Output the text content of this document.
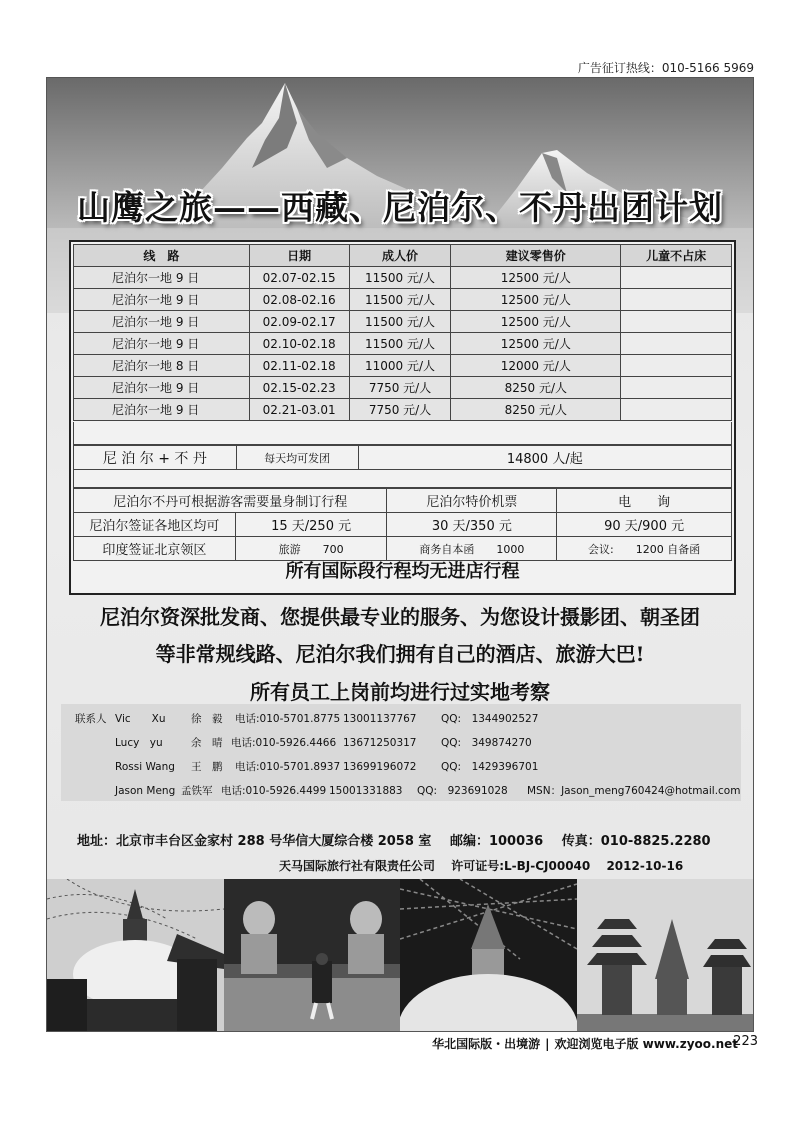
广告征订热线：010-5166 5969
山鹰之旅——西藏、尼泊尔、不丹出团计划
线　路	日期	成人价	建议零售价	儿童不占床
尼泊尔一地 9 日	02.07-02.15	11500 元/人	12500 元/人	
尼泊尔一地 9 日	02.08-02.16	11500 元/人	12500 元/人	
尼泊尔一地 9 日	02.09-02.17	11500 元/人	12500 元/人	
尼泊尔一地 9 日	02.10-02.18	11500 元/人	12500 元/人	
尼泊尔一地 8 日	02.11-02.18	11000 元/人	12000 元/人	
尼泊尔一地 9 日	02.15-02.23	7750 元/人	8250 元/人	
尼泊尔一地 9 日	02.21-03.01	7750 元/人	8250 元/人	
尼 泊 尔 + 不 丹	每天均可发团	14800 人/起
尼泊尔不丹可根据游客需要量身制订行程		尼泊尔特价机票	电　　询
尼泊尔签证各地区均可	15 天/250 元	30 天/350 元	90 天/900 元
印度签证北京领区	旅游　　700	商务自本函　　1000	会议:　　1200 自备函
所有国际段行程均无进店行程
尼泊尔资深批发商、您提供最专业的服务、为您设计摄影团、朝圣团
等非常规线路、尼泊尔我们拥有自己的酒店、旅游大巴!
所有员工上岗前均进行过实地考察
联系人 Vic　　Xu 徐　毅 电话:010-5701.8775 13001137767 QQ:　1344902527
Lucy　yu	余　晴 电话:010-5926.4466 13671250317 QQ:　349874270
Rossi Wang 王　鹏 电话:010-5701.8937 13699196072 QQ:　1429396701
Jason Meng 孟铁军 电话:010-5926.4499 15001331883 QQ:　923691028 MSN：Jason_meng760424@hotmail.com
地址：北京市丰台区金家村 288 号华信大厦综合楼 2058 室 邮编：100036 传真：010-8825.2280
天马国际旅行社有限责任公司 许可证号:L-BJ-CJ00040 2012-10-16
华北国际版・出境游 | 欢迎浏览电子版 www.zyoo.net
223
